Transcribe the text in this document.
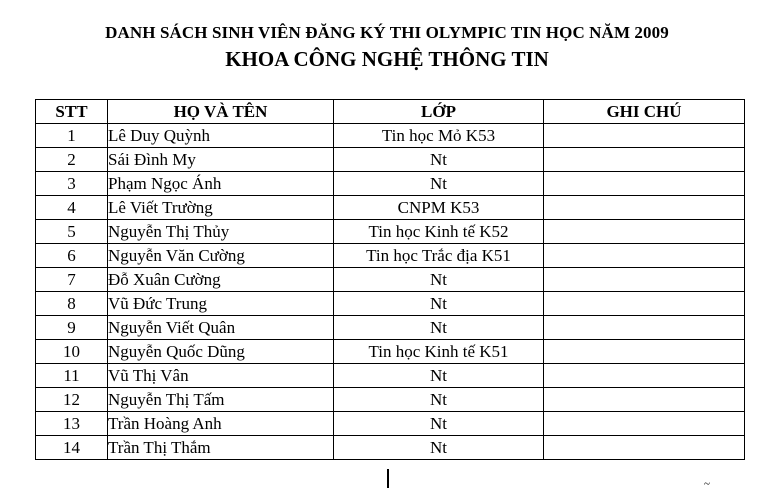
DANH SÁCH SINH VIÊN ĐĂNG KÝ THI OLYMPIC TIN HỌC NĂM 2009
KHOA CÔNG NGHỆ THÔNG TIN
STT	HỌ VÀ TÊN	LỚP	GHI CHÚ
1	Lê Duy Quỳnh	Tin học Mỏ K53	
2	Sái Đình My	Nt	
3	Phạm Ngọc Ánh	Nt	
4	Lê Viết Trường	CNPM K53	
5	Nguyễn Thị Thủy	Tin học Kinh tế K52	
6	Nguyễn Văn Cường	Tin học Trắc địa K51	
7	Đỗ Xuân Cường	Nt	
8	Vũ Đức Trung	Nt	
9	Nguyễn Viết Quân	Nt	
10	Nguyễn Quốc Dũng	Tin học Kinh tế K51	
11	Vũ Thị Vân	Nt	
12	Nguyễn Thị Tấm	Nt	
13	Trần Hoàng Anh	Nt	
14	Trần Thị Thắm	Nt	
~
